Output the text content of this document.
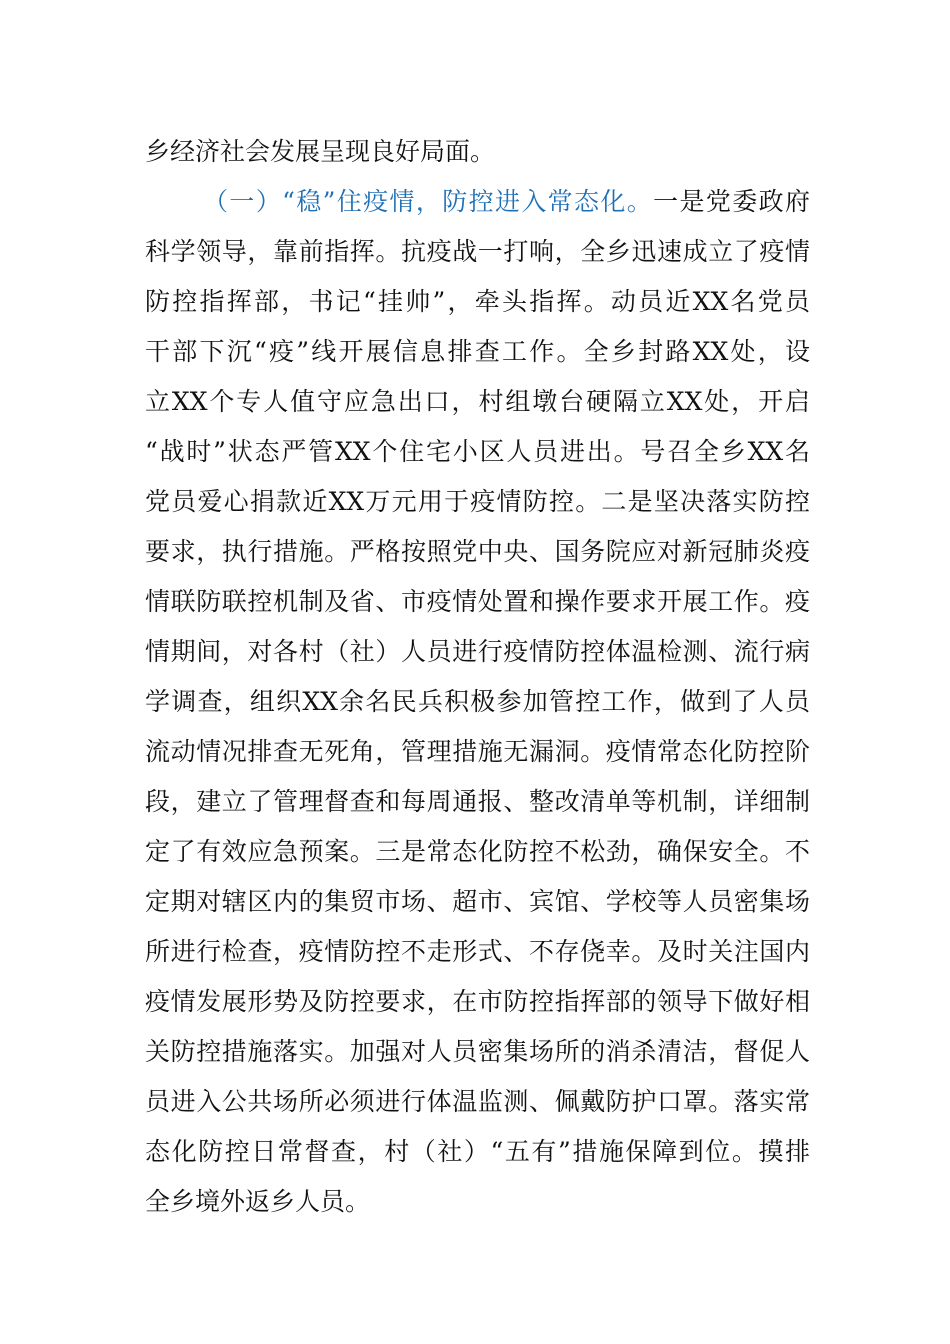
乡经济社会发展呈现良好局面。
（一）“稳”住疫情，防控进入常态化。一是党委政府
科学领导，靠前指挥。抗疫战一打响，全乡迅速成立了疫情
防控指挥部，书记“挂帅”，牵头指挥。动员近XX名党员
干部下沉“疫”线开展信息排查工作。全乡封路XX处，设
立XX个专人值守应急出口，村组墩台硬隔立XX处，开启
“战时”状态严管XX个住宅小区人员进出。号召全乡XX名
党员爱心捐款近XX万元用于疫情防控。二是坚决落实防控
要求，执行措施。严格按照党中央、国务院应对新冠肺炎疫
情联防联控机制及省、市疫情处置和操作要求开展工作。疫
情期间，对各村（社）人员进行疫情防控体温检测、流行病
学调查，组织XX余名民兵积极参加管控工作，做到了人员
流动情况排查无死角，管理措施无漏洞。疫情常态化防控阶
段，建立了管理督查和每周通报、整改清单等机制，详细制
定了有效应急预案。三是常态化防控不松劲，确保安全。不
定期对辖区内的集贸市场、超市、宾馆、学校等人员密集场
所进行检查，疫情防控不走形式、不存侥幸。及时关注国内
疫情发展形势及防控要求，在市防控指挥部的领导下做好相
关防控措施落实。加强对人员密集场所的消杀清洁，督促人
员进入公共场所必须进行体温监测、佩戴防护口罩。落实常
态化防控日常督查，村（社）“五有”措施保障到位。摸排
全乡境外返乡人员。
